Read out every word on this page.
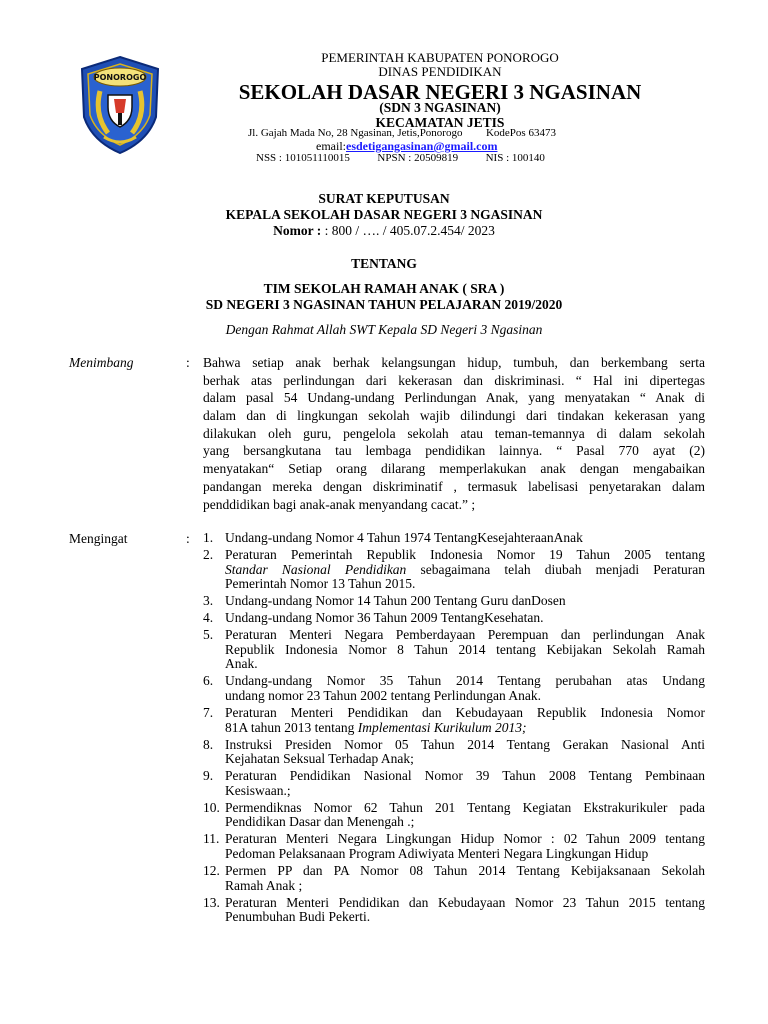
PONOROGO
PEMERINTAH KABUPATEN PONOROGO
DINAS PENDIDIKAN
SEKOLAH DASAR NEGERI 3 NGASINAN
(SDN 3 NGASINAN)
KECAMATAN JETIS
Jl. Gajah Mada No, 28 Ngasinan, Jetis,Ponorogo KodePos 63473
email:esdetigangasinan@gmail.com
NSS : 101051110015	NPSN : 20509819	NIS : 100140
SURAT KEPUTUSAN
KEPALA SEKOLAH DASAR NEGERI 3 NGASINAN
Nomor : : 800 / …. / 405.07.2.454/ 2023
TENTANG
TIM SEKOLAH RAMAH ANAK ( SRA )
SD NEGERI 3 NGASINAN TAHUN PELAJARAN 2019/2020
Dengan Rahmat Allah SWT Kepala SD Negeri 3 Ngasinan
Menimbang	: Bahwa setiap anak berhak kelangsungan hidup, tumbuh, dan berkembang serta
berhak atas perlindungan dari kekerasan dan diskriminasi. “ Hal ini dipertegas
dalam pasal 54 Undang-undang Perlindungan Anak, yang menyatakan “ Anak di
dalam dan di lingkungan sekolah wajib dilindungi dari tindakan kekerasan yang
dilakukan oleh guru, pengelola sekolah atau teman-temannya di dalam sekolah
yang bersangkutana tau lembaga pendidikan lainnya. “ Pasal 770 ayat (2)
menyatakan“ Setiap orang dilarang memperlakukan anak dengan mengabaikan
pandangan mereka dengan diskriminatif , termasuk labelisasi penyetarakan dalam
penddidikan bagi anak-anak menyandang cacat.” ;
Mengingat	: 1. Undang-undang Nomor 4 Tahun 1974 TentangKesejahteraanAnak
2. Peraturan Pemerintah Republik Indonesia Nomor 19 Tahun 2005 tentang
Standar Nasional Pendidikan sebagaimana telah diubah menjadi Peraturan
Pemerintah Nomor 13 Tahun 2015.
3. Undang-undang Nomor 14 Tahun 200 Tentang Guru danDosen
4. Undang-undang Nomor 36 Tahun 2009 TentangKesehatan.
5. Peraturan Menteri Negara Pemberdayaan Perempuan dan perlindungan Anak
Republik Indonesia Nomor 8 Tahun 2014 tentang Kebijakan Sekolah Ramah
Anak.
6. Undang-undang Nomor 35 Tahun 2014 Tentang perubahan atas Undang
undang nomor 23 Tahun 2002 tentang Perlindungan Anak.
7. Peraturan Menteri Pendidikan dan Kebudayaan Republik Indonesia Nomor
81A tahun 2013 tentang Implementasi Kurikulum 2013;
8. Instruksi Presiden Nomor 05 Tahun 2014 Tentang Gerakan Nasional Anti
Kejahatan Seksual Terhadap Anak;
9. Peraturan Pendidikan Nasional Nomor 39 Tahun 2008 Tentang Pembinaan
Kesiswaan.;
10. Permendiknas Nomor 62 Tahun 201 Tentang Kegiatan Ekstrakurikuler pada
Pendidikan Dasar dan Menengah .;
11. Peraturan Menteri Negara Lingkungan Hidup Nomor : 02 Tahun 2009 tentang
Pedoman Pelaksanaan Program Adiwiyata Menteri Negara Lingkungan Hidup
12. Permen PP dan PA Nomor 08 Tahun 2014 Tentang Kebijaksanaan Sekolah
Ramah Anak ;
13. Peraturan Menteri Pendidikan dan Kebudayaan Nomor 23 Tahun 2015 tentang
Penumbuhan Budi Pekerti.
